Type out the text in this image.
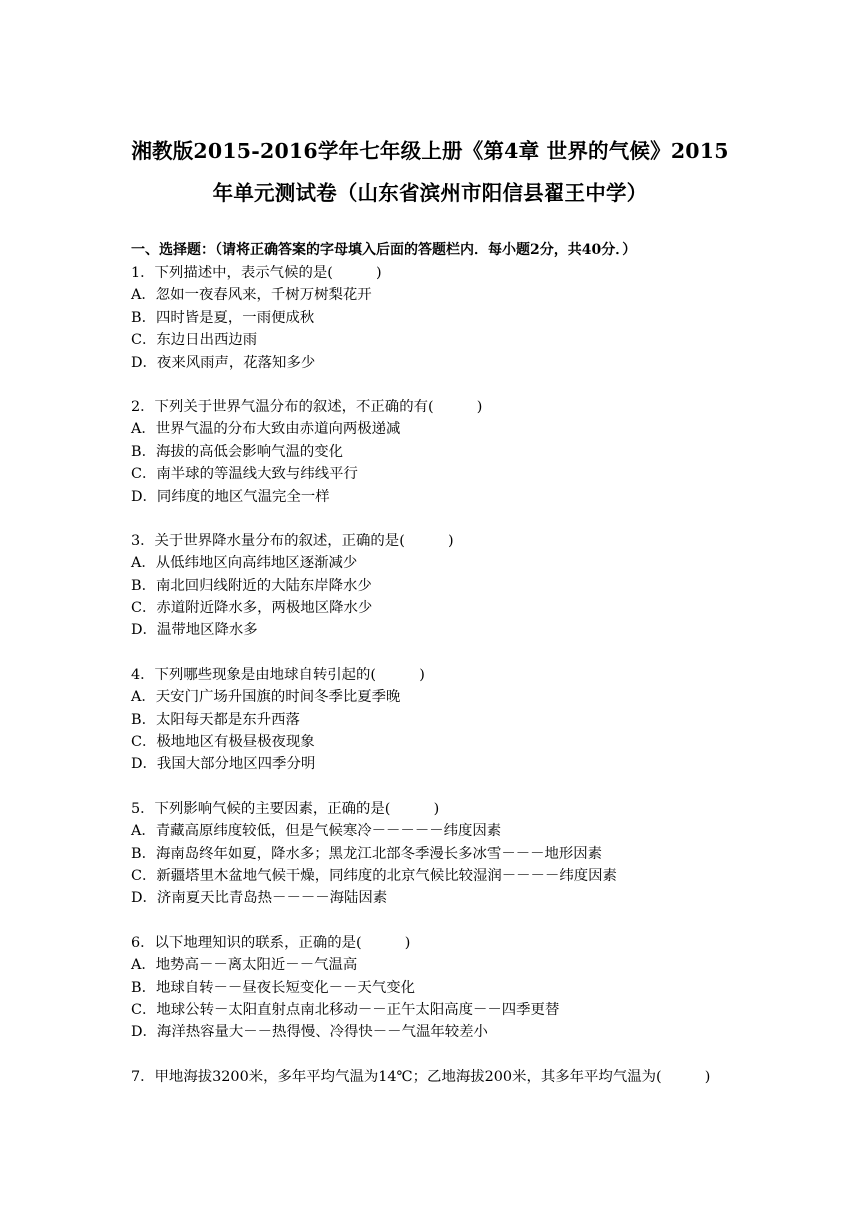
湘教版2015-2016学年七年级上册《第4章 世界的气候》2015
年单元测试卷（山东省滨州市阳信县翟王中学）
一、选择题：（请将正确答案的字母填入后面的答题栏内．每小题2分，共40分．）
1．下列描述中，表示气候的是(　　　)
A．忽如一夜春风来，千树万树梨花开
B．四时皆是夏，一雨便成秋
C．东边日出西边雨
D．夜来风雨声，花落知多少
2．下列关于世界气温分布的叙述，不正确的有(　　　)
A．世界气温的分布大致由赤道向两极递减
B．海拔的高低会影响气温的变化
C．南半球的等温线大致与纬线平行
D．同纬度的地区气温完全一样
3．关于世界降水量分布的叙述，正确的是(　　　)
A．从低纬地区向高纬地区逐渐减少
B．南北回归线附近的大陆东岸降水少
C．赤道附近降水多，两极地区降水少
D．温带地区降水多
4．下列哪些现象是由地球自转引起的(　　　)
A．天安门广场升国旗的时间冬季比夏季晚
B．太阳每天都是东升西落
C．极地地区有极昼极夜现象
D．我国大部分地区四季分明
5．下列影响气候的主要因素，正确的是(　　　)
A．青藏高原纬度较低，但是气候寒冷－－－－－纬度因素
B．海南岛终年如夏，降水多；黑龙江北部冬季漫长多冰雪－－－地形因素
C．新疆塔里木盆地气候干燥，同纬度的北京气候比较湿润－－－－纬度因素
D．济南夏天比青岛热－－－－海陆因素
6．以下地理知识的联系，正确的是(　　　)
A．地势高－－离太阳近－－气温高
B．地球自转－－昼夜长短变化－－天气变化
C．地球公转－太阳直射点南北移动－－正午太阳高度－－四季更替
D．海洋热容量大－－热得慢、冷得快－－气温年较差小
7．甲地海拔3200米，多年平均气温为14℃；乙地海拔200米，其多年平均气温为(　　　)
